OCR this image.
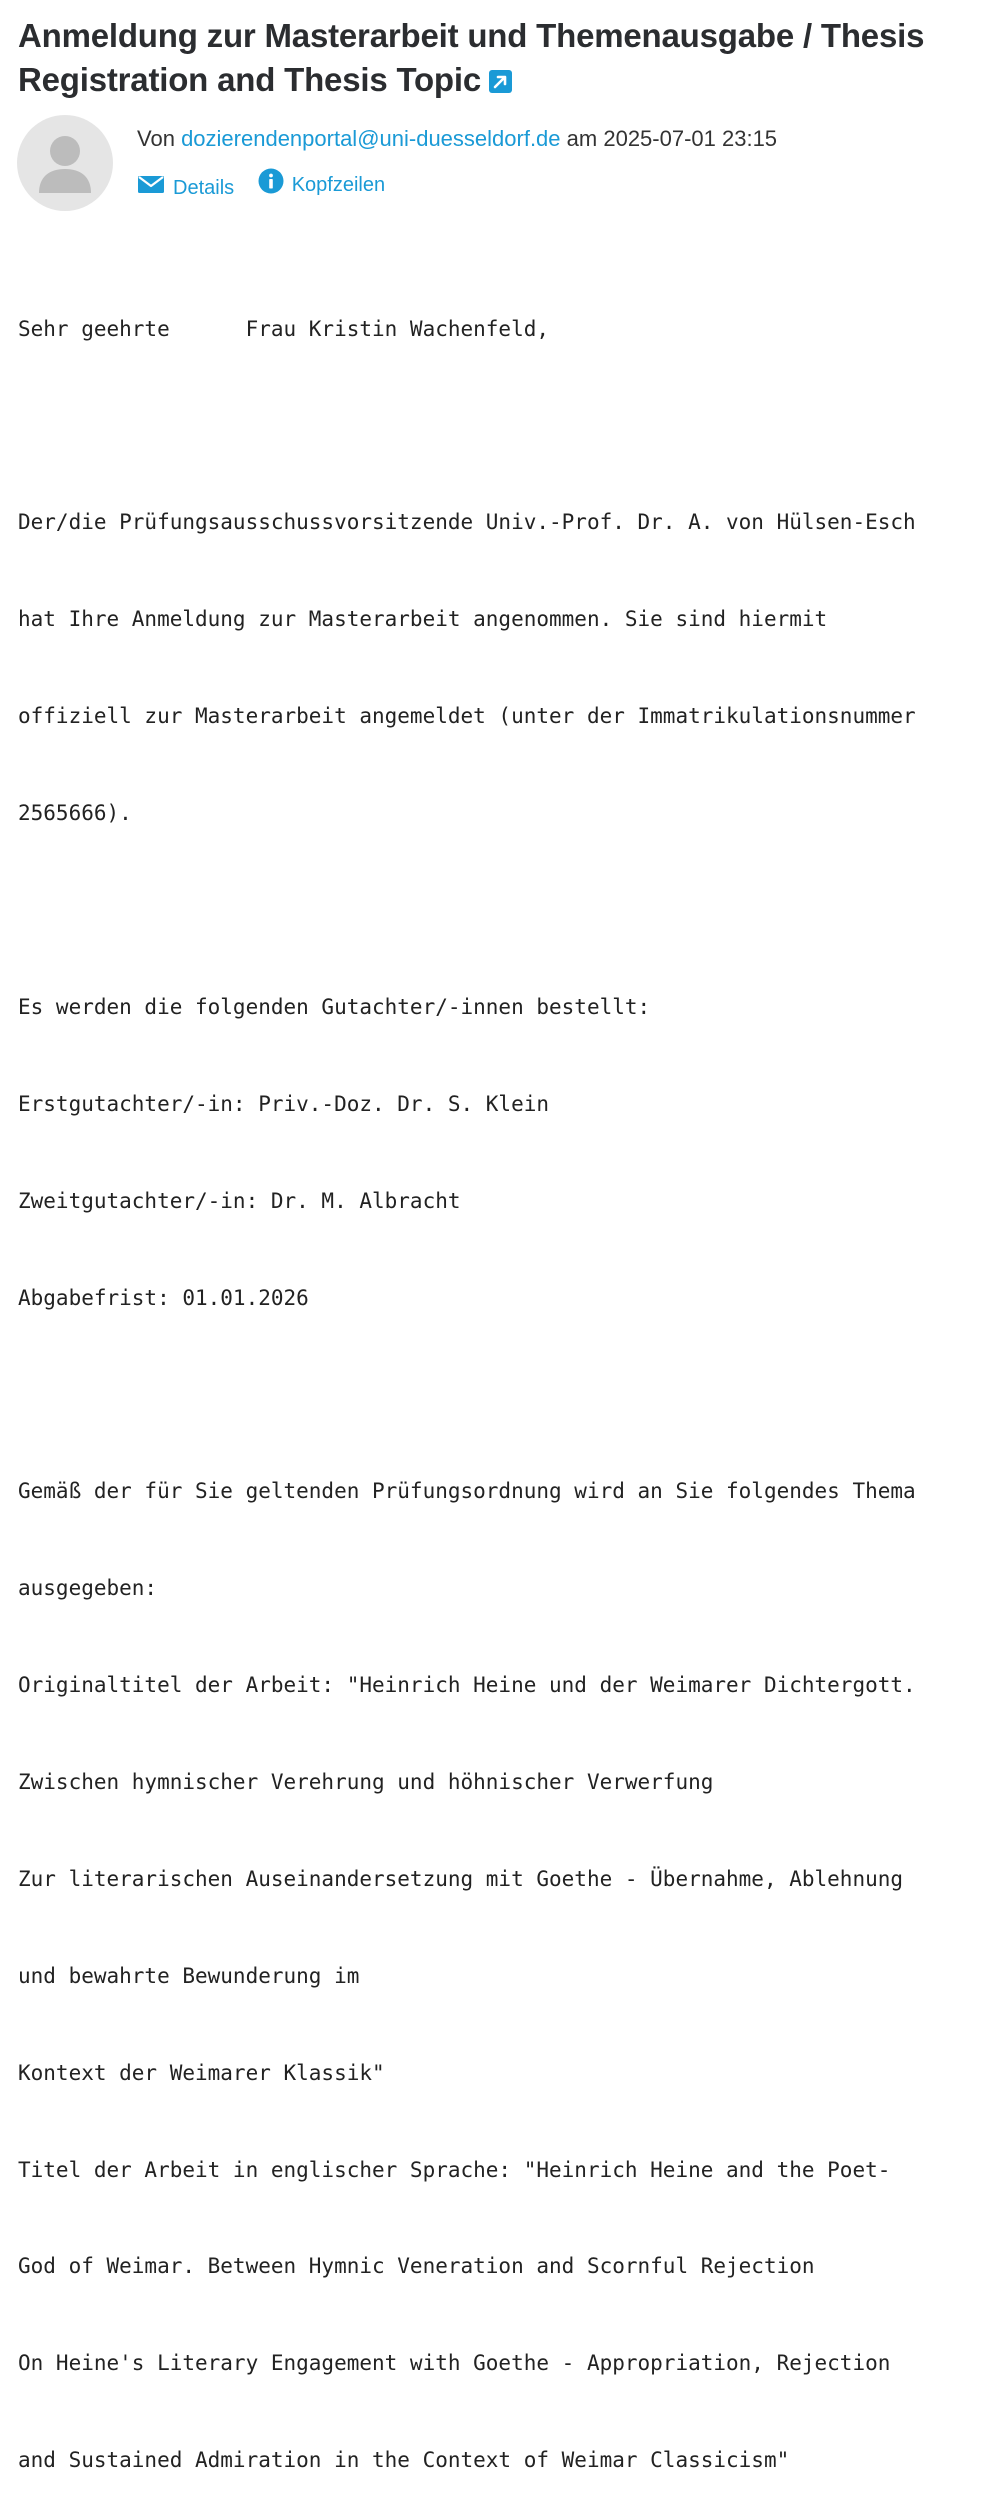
Anmeldung zur Masterarbeit und Themenausgabe / Thesis Registration and Thesis Topic
Von dozierendenportal@uni-duesseldorf.de am 2025-07-01 23:15
Details
	Kopfzeilen

Sehr geehrte      Frau Kristin Wachenfeld,

Der/die Prüfungsausschussvorsitzende Univ.-Prof. Dr. A. von Hülsen-Esch

hat Ihre Anmeldung zur Masterarbeit angenommen. Sie sind hiermit

offiziell zur Masterarbeit angemeldet (unter der Immatrikulationsnummer

2565666).

Es werden die folgenden Gutachter/-innen bestellt:

Erstgutachter/-in: Priv.-Doz. Dr. S. Klein

Zweitgutachter/-in: Dr. M. Albracht

Abgabefrist: 01.01.2026

Gemäß der für Sie geltenden Prüfungsordnung wird an Sie folgendes Thema

ausgegeben:

Originaltitel der Arbeit: "Heinrich Heine und der Weimarer Dichtergott.

Zwischen hymnischer Verehrung und höhnischer Verwerfung

Zur literarischen Auseinandersetzung mit Goethe - Übernahme, Ablehnung

und bewahrte Bewunderung im

Kontext der Weimarer Klassik"

Titel der Arbeit in englischer Sprache: "Heinrich Heine and the Poet-

God of Weimar. Between Hymnic Veneration and Scornful Rejection

On Heine's Literary Engagement with Goethe - Appropriation, Rejection

and Sustained Admiration in the Context of Weimar Classicism"
